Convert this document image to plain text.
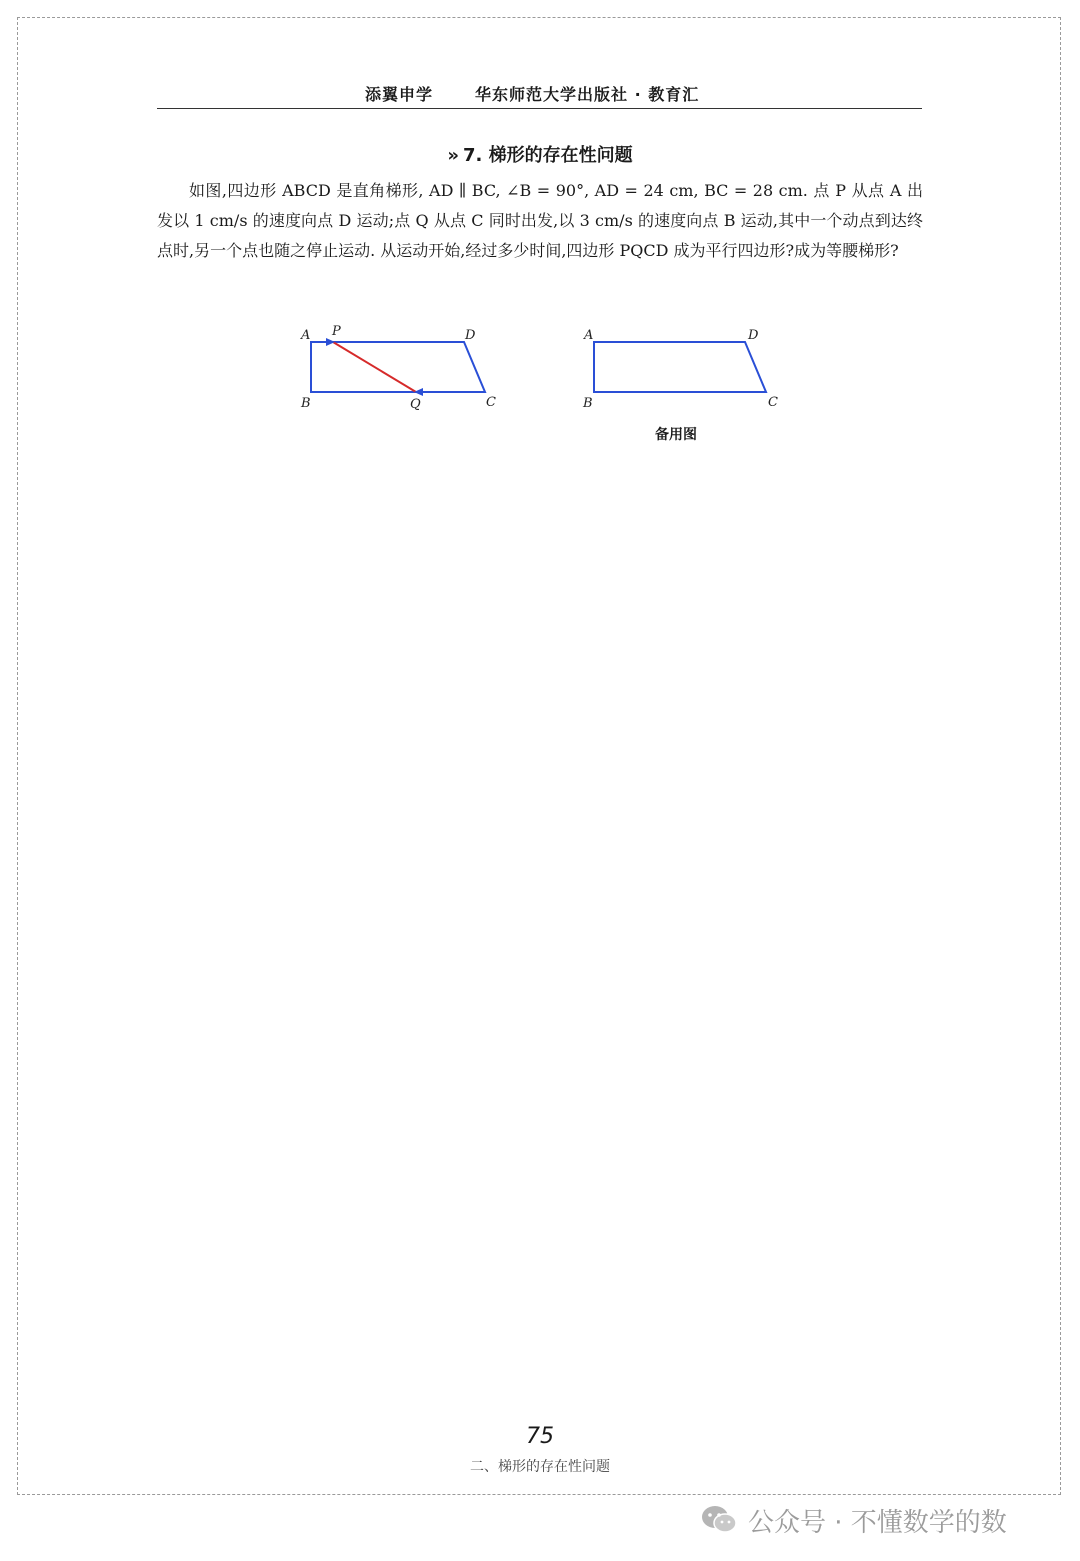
添翼申学	华东师范大学出版社 · 教育汇
» 7. 梯形的存在性问题

如图,四边形 ABCD 是直角梯形, AD ∥ BC, ∠B = 90°, AD = 24 cm, BC = 28 cm. 点 P 从点 A 出发以 1 cm/s 的速度向点 D 运动;点 Q 从点 C 同时出发,以 3 cm/s 的速度向点 B 运动,其中一个动点到达终点时,另一个点也随之停止运动. 从运动开始,经过多少时间,四边形 PQCD 成为平行四边形?成为等腰梯形?

A P	D
B	Q	C
A	D
B	C
备用图
75
二、梯形的存在性问题
公众号 · 不懂数学的数
